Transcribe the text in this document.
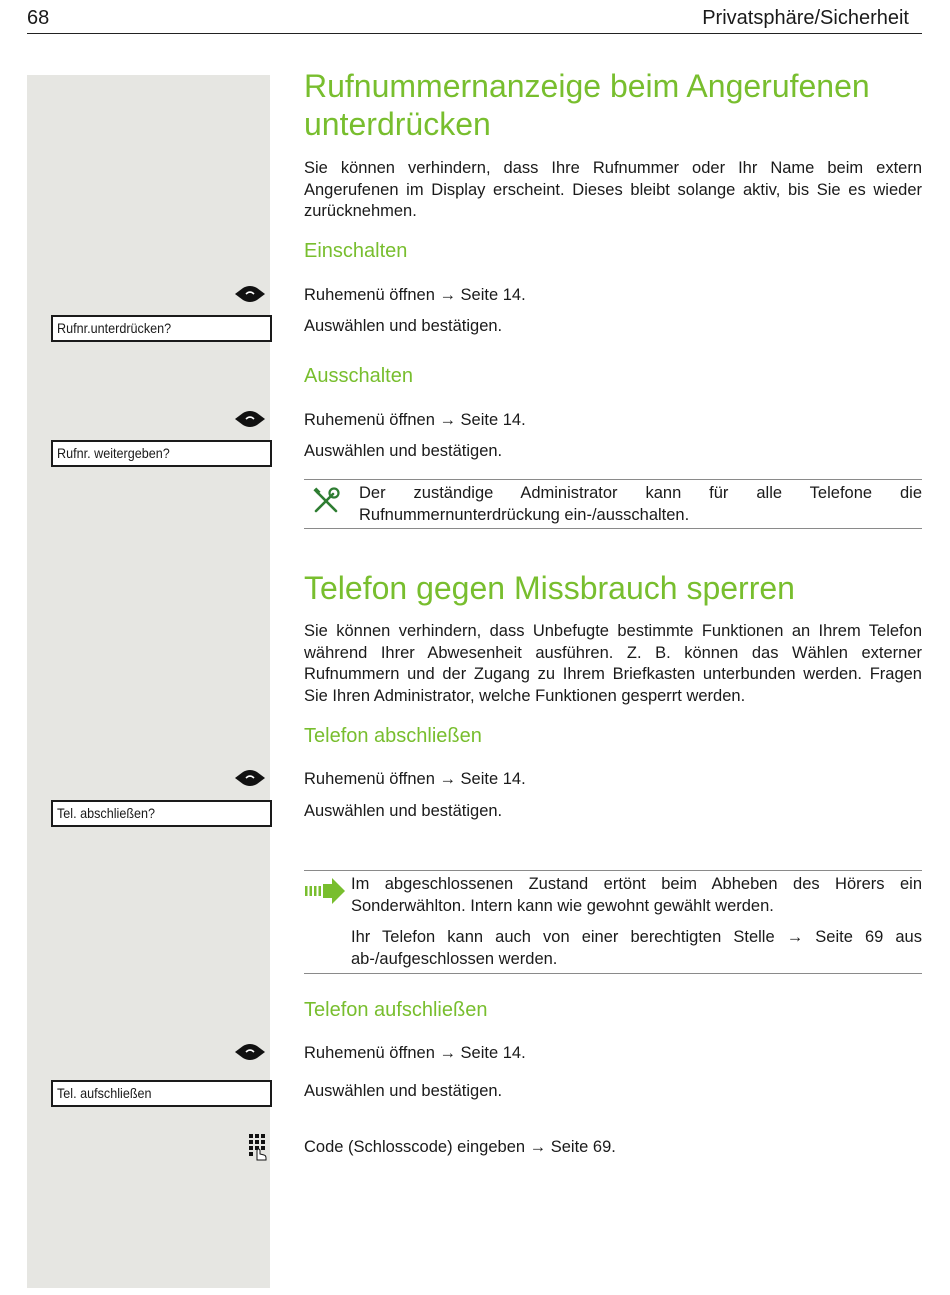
68	Privatsphäre/Sicherheit
Rufnummernanzeige beim Angerufenen
unterdrücken
Sie können verhindern, dass Ihre Rufnummer oder Ihr Name beim extern Angerufenen im Display erscheint. Dieses bleibt solange aktiv, bis Sie es wieder zurücknehmen.
Einschalten
Ruhemenü öffnen → Seite 14.
Rufnr.unterdrücken?	Auswählen und bestätigen.
Ausschalten
Ruhemenü öffnen → Seite 14.
Rufnr. weitergeben?	Auswählen und bestätigen.
Der zuständige Administrator kann für alle Telefone die Rufnummernunterdrückung ein-/ausschalten.
Telefon gegen Missbrauch sperren
Sie können verhindern, dass Unbefugte bestimmte Funktionen an Ihrem Telefon während Ihrer Abwesenheit ausführen. Z. B. können das Wählen externer Rufnummern und der Zugang zu Ihrem Briefkasten unterbunden werden. Fragen Sie Ihren Administrator, welche Funktionen gesperrt werden.
Telefon abschließen
Ruhemenü öffnen → Seite 14.
Tel. abschließen?	Auswählen und bestätigen.
Im abgeschlossenen Zustand ertönt beim Abheben des Hörers ein Sonderwählton. Intern kann wie gewohnt gewählt werden.
Ihr Telefon kann auch von einer berechtigten Stelle → Seite 69 aus ab-/aufgeschlossen werden.
Telefon aufschließen
Ruhemenü öffnen → Seite 14.
Tel. aufschließen	Auswählen und bestätigen.
Code (Schlosscode) eingeben → Seite 69.
